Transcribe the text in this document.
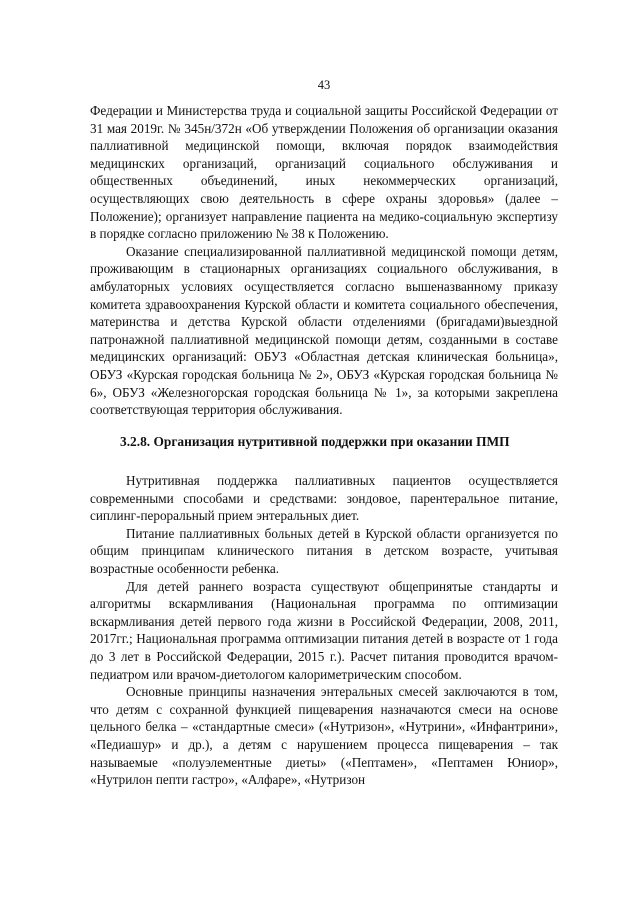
43

Федерации и Министерства труда и социальной защиты Российской Федерации от 31 мая 2019г. № 345н/372н «Об утверждении Положения об организации оказания паллиативной медицинской помощи, включая порядок взаимодействия медицинских организаций, организаций социального обслуживания и общественных объединений, иных некоммерческих организаций, осуществляющих свою деятельность в сфере охраны здоровья» (далее – Положение); организует направление пациента на медико-социальную экспертизу в порядке согласно приложению № 38 к Положению.

Оказание специализированной паллиативной медицинской помощи детям, проживающим в стационарных организациях социального обслуживания, в амбулаторных условиях осуществляется согласно вышеназванному приказу комитета здравоохранения Курской области и комитета социального обеспечения, материнства и детства Курской области отделениями (бригадами)выездной патронажной паллиативной медицинской помощи детям, созданными в составе медицинских организаций: ОБУЗ «Областная детская клиническая больница», ОБУЗ «Курская городская больница № 2», ОБУЗ «Курская городская больница № 6», ОБУЗ «Железногорская городская больница № 1», за которыми закреплена соответствующая территория обслуживания.

3.2.8. Организация нутритивной поддержки при оказании ПМП

Нутритивная поддержка паллиативных пациентов осуществляется современными способами и средствами: зондовое, парентеральное питание, сиплинг-пероральный прием энтеральных диет.

Питание паллиативных больных детей в Курской области организуется по общим принципам клинического питания в детском возрасте, учитывая возрастные особенности ребенка.

Для детей раннего возраста существуют общепринятые стандарты и алгоритмы вскармливания (Национальная программа по оптимизации вскармливания детей первого года жизни в Российской Федерации, 2008, 2011, 2017гг.; Национальная программа оптимизации питания детей в возрасте от 1 года до 3 лет в Российской Федерации, 2015 г.). Расчет питания проводится врачом-педиатром или врачом-диетологом калориметрическим способом.

Основные принципы назначения энтеральных смесей заключаются в том, что детям с сохранной функцией пищеварения назначаются смеси на основе цельного белка – «стандартные смеси» («Нутризон», «Нутрини», «Инфантрини», «Педиашур» и др.), а детям с нарушением процесса пищеварения – так называемые «полуэлементные диеты» («Пептамен», «Пептамен Юниор», «Нутрилон пепти гастро», «Алфаре», «Нутризон
